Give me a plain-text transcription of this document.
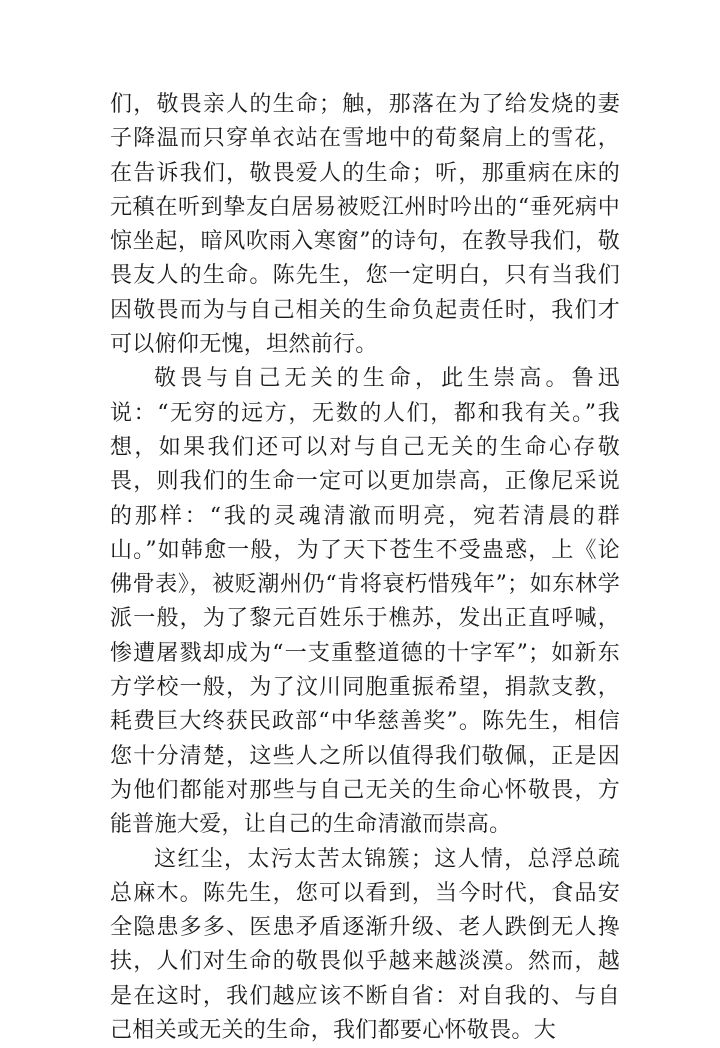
们，敬畏亲人的生命；触，那落在为了给发烧的妻子降温而只穿单衣站在雪地中的荀粲肩上的雪花，在告诉我们，敬畏爱人的生命；听，那重病在床的元稹在听到挚友白居易被贬江州时吟出的“垂死病中惊坐起，暗风吹雨入寒窗”的诗句，在教导我们，敬畏友人的生命。陈先生，您一定明白，只有当我们因敬畏而为与自己相关的生命负起责任时，我们才可以俯仰无愧，坦然前行。

敬畏与自己无关的生命，此生崇高。鲁迅说：“无穷的远方，无数的人们，都和我有关。”我想，如果我们还可以对与自己无关的生命心存敬畏，则我们的生命一定可以更加崇高，正像尼采说的那样：“我的灵魂清澈而明亮，宛若清晨的群山。”如韩愈一般，为了天下苍生不受蛊惑，上《论佛骨表》，被贬潮州仍“肯将衰朽惜残年”；如东林学派一般，为了黎元百姓乐于樵苏，发出正直呼喊，惨遭屠戮却成为“一支重整道德的十字军”；如新东方学校一般，为了汶川同胞重振希望，捐款支教，耗费巨大终获民政部“中华慈善奖”。陈先生，相信您十分清楚，这些人之所以值得我们敬佩，正是因为他们都能对那些与自己无关的生命心怀敬畏，方能普施大爱，让自己的生命清澈而崇高。

这红尘，太污太苦太锦簇；这人情，总浮总疏总麻木。陈先生，您可以看到，当今时代，食品安全隐患多多、医患矛盾逐渐升级、老人跌倒无人搀扶，人们对生命的敬畏似乎越来越淡漠。然而，越是在这时，我们越应该不断自省：对自我的、与自己相关或无关的生命，我们都要心怀敬畏。大
